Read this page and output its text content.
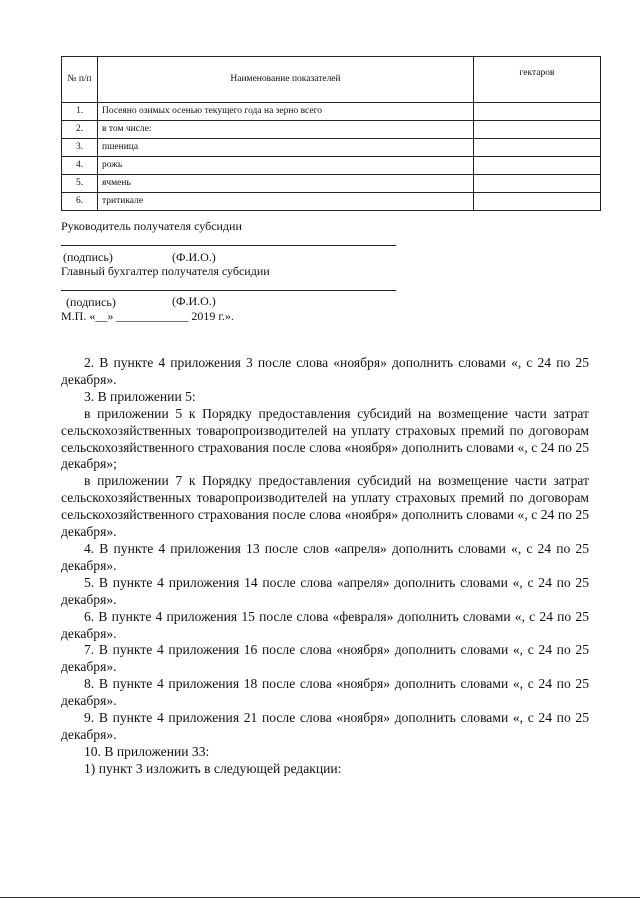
№ п/п	Наименование показателей	гектаров
1.	Посеяно озимых осенью текущего года на зерно всего	
2.	в том числе:	
3.	пшеница	
4.	рожь	
5.	ячмень	
6.	тритикале	
Руководитель получателя субсидии
(подпись)	(Ф.И.О.)
Главный бухгалтер получателя субсидии
(подпись)	(Ф.И.О.)
М.П. «__» ____________ 2019 г.».

2. В пункте 4 приложения 3 после слова «ноября» дополнить словами «, с 24 по 25 декабря».

3. В приложении 5:

в приложении 5 к Порядку предоставления субсидий на возмещение части затрат сельскохозяйственных товаропроизводителей на уплату страховых премий по договорам сельскохозяйственного страхования после слова «ноября» дополнить словами «, с 24 по 25 декабря»;

в приложении 7 к Порядку предоставления субсидий на возмещение части затрат сельскохозяйственных товаропроизводителей на уплату страховых премий по договорам сельскохозяйственного страхования после слова «ноября» дополнить словами «, с 24 по 25 декабря».

4. В пункте 4 приложения 13 после слов «апреля» дополнить словами «, с 24 по 25 декабря».

5. В пункте 4 приложения 14 после слова «апреля» дополнить словами «, с 24 по 25 декабря».

6. В пункте 4 приложения 15 после слова «февраля» дополнить словами «, с 24 по 25 декабря».

7. В пункте 4 приложения 16 после слова «ноября» дополнить словами «, с 24 по 25 декабря».

8. В пункте 4 приложения 18 после слова «ноября» дополнить словами «, с 24 по 25 декабря».

9. В пункте 4 приложения 21 после слова «ноября» дополнить словами «, с 24 по 25 декабря».

10. В приложении 33:

1) пункт 3 изложить в следующей редакции:
